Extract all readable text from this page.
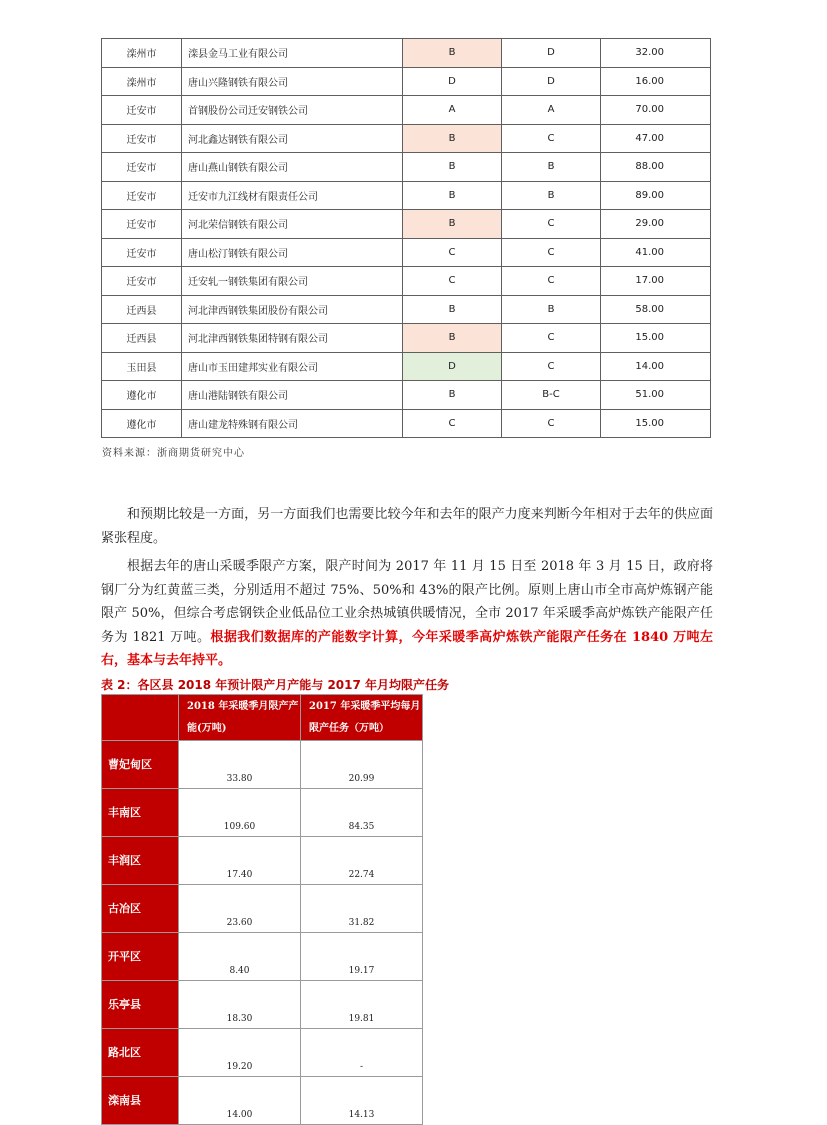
滦州市	滦县金马工业有限公司	B	D	32.00
滦州市	唐山兴隆钢铁有限公司	D	D	16.00
迁安市	首钢股份公司迁安钢铁公司	A	A	70.00
迁安市	河北鑫达钢铁有限公司	B	C	47.00
迁安市	唐山燕山钢铁有限公司	B	B	88.00
迁安市	迁安市九江线材有限责任公司	B	B	89.00
迁安市	河北荣信钢铁有限公司	B	C	29.00
迁安市	唐山松汀钢铁有限公司	C	C	41.00
迁安市	迁安轧一钢铁集团有限公司	C	C	17.00
迁西县	河北津西钢铁集团股份有限公司	B	B	58.00
迁西县	河北津西钢铁集团特钢有限公司	B	C	15.00
玉田县	唐山市玉田建邦实业有限公司	D	C	14.00
遵化市	唐山港陆钢铁有限公司	B	B-C	51.00
遵化市	唐山建龙特殊钢有限公司	C	C	15.00
资料来源：浙商期货研究中心
和预期比较是一方面，另一方面我们也需要比较今年和去年的限产力度来判断今年相对于去年的供应面紧张程度。
根据去年的唐山采暖季限产方案，限产时间为 2017 年 11 月 15 日至 2018 年 3 月 15 日，政府将钢厂分为红黄蓝三类，分别适用不超过 75%、50%和 43%的限产比例。原则上唐山市全市高炉炼钢产能限产 50%，但综合考虑钢铁企业低品位工业余热城镇供暖情况，全市 2017 年采暖季高炉炼铁产能限产任务为 1821 万吨。根据我们数据库的产能数字计算，今年采暖季高炉炼铁产能限产任务在 1840 万吨左右，基本与去年持平。
表 2：各区县 2018 年预计限产月产能与 2017 年月均限产任务
	2018 年采暖季月限产产能(万吨)	2017 年采暖季平均每月限产任务（万吨）
曹妃甸区	33.80	20.99
丰南区	109.60	84.35
丰润区	17.40	22.74
古冶区	23.60	31.82
开平区	8.40	19.17
乐亭县	18.30	19.81
路北区	19.20	-
滦南县	14.00	14.13
